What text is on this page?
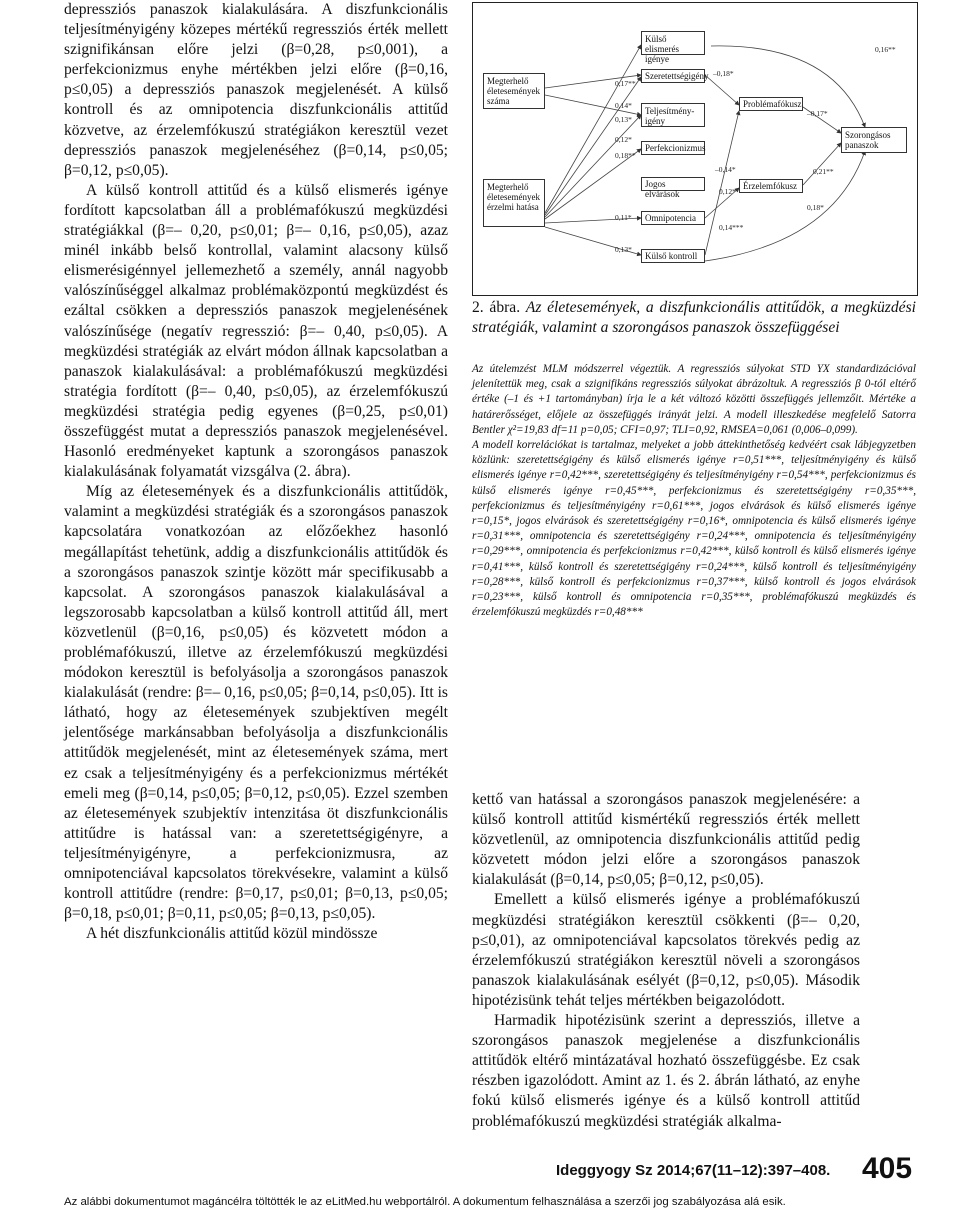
depressziós panaszok kialakulására. A diszfunkcionális teljesítményigény közepes mértékű regressziós érték mellett szignifikánsan előre jelzi (β=0,28, p≤0,001), a perfekcionizmus enyhe mértékben jelzi előre (β=0,16, p≤0,05) a depressziós panaszok megjelenését. A külső kontroll és az omnipotencia diszfunkcionális attitűd közvetve, az érzelemfókuszú stratégiákon keresztül vezet depressziós panaszok megjelenéséhez (β=0,14, p≤0,05; β=0,12, p≤0,05).

A külső kontroll attitűd és a külső elismerés igénye fordított kapcsolatban áll a problémafókuszú megküzdési stratégiákkal (β=– 0,20, p≤0,01; β=– 0,16, p≤0,05), azaz minél inkább belső kontrollal, valamint alacsony külső elismerésigénnyel jellemezhető a személy, annál nagyobb valószínűséggel alkalmaz problémaközpontú megküzdést és ezáltal csökken a depressziós panaszok megjelenésének valószínűsége (negatív regresszió: β=– 0,40, p≤0,05). A megküzdési stratégiák az elvárt módon állnak kapcsolatban a panaszok kialakulásával: a problémafókuszú megküzdési stratégia fordított (β=– 0,40, p≤0,05), az érzelemfókuszú megküzdési stratégia pedig egyenes (β=0,25, p≤0,01) összefüggést mutat a depressziós panaszok megjelenésével. Hasonló eredményeket kaptunk a szorongásos panaszok kialakulásának folyamatát vizsgálva (2. ábra).

Míg az életesemények és a diszfunkcionális attitűdök, valamint a megküzdési stratégiák és a szorongásos panaszok kapcsolatára vonatkozóan az előzőekhez hasonló megállapítást tehetünk, addig a diszfunkcionális attitűdök és a szorongásos panaszok szintje között már specifikusabb a kapcsolat. A szorongásos panaszok kialakulásával a legszorosabb kapcsolatban a külső kontroll attitűd áll, mert közvetlenül (β=0,16, p≤0,05) és közvetett módon a problémafókuszú, illetve az érzelemfókuszú megküzdési módokon keresztül is befolyásolja a szorongásos panaszok kialakulását (rendre: β=– 0,16, p≤0,05; β=0,14, p≤0,05). Itt is látható, hogy az életesemények szubjektíven megélt jelentősége markánsabban befolyásolja a diszfunkcionális attitűdök megjelenését, mint az életesemények száma, mert ez csak a teljesítményigény és a perfekcionizmus mértékét emeli meg (β=0,14, p≤0,05; β=0,12, p≤0,05). Ezzel szemben az életesemények szubjektív intenzitása öt diszfunkcionális attitűdre is hatással van: a szeretettségigényre, a teljesítményigényre, a perfekcionizmusra, az omnipotenciával kapcsolatos törekvésekre, valamint a külső kontroll attitűdre (rendre: β=0,17, p≤0,01; β=0,13, p≤0,05; β=0,18, p≤0,01; β=0,11, p≤0,05; β=0,13, p≤0,05).

A hét diszfunkcionális attitűd közül mindössze

Megterhelő életesemények száma
Megterhelő életesemények érzelmi hatása
Külső elismerés igénye
Szeretettségigény
Teljesítmény-igény
Perfekcionizmus
Jogos elvárások
Omnipotencia
Külső kontroll
Problémafókusz
Érzelemfókusz
Szorongásos panaszok
0,17**
0,14*
0,13*
0,12*
0,18**
0,11*
0,13*
–0,18*
–0,14*
0,12*
0,14***
–0,17*
0,21**
0,18*
0,16**
2. ábra. Az életesemények, a diszfunkcionális attitűdök, a megküzdési stratégiák, valamint a szorongásos panaszok összefüggései

Az útelemzést MLM módszerrel végeztük. A regressziós súlyokat STD YX standardizációval jelenítettük meg, csak a szignifikáns regressziós súlyokat ábrázoltuk. A regressziós β 0-tól eltérő értéke (–1 és +1 tartományban) írja le a két változó közötti összefüggés jellemzőit. Mértéke a határerősséget, előjele az összefüggés irányát jelzi. A modell illeszkedése megfelelő Satorra Bentler χ²=19,83 df=11 p=0,05; CFI=0,97; TLI=0,92, RMSEA=0,061 (0,006–0,099).

A modell korrelációkat is tartalmaz, melyeket a jobb áttekinthetőség kedvéért csak lábjegyzetben közlünk: szeretettségigény és külső elismerés igénye r=0,51***, teljesítményigény és külső elismerés igénye r=0,42***, szeretettségigény és teljesítményigény r=0,54***, perfekcionizmus és külső elismerés igénye r=0,45***, perfekcionizmus és szeretettségigény r=0,35***, perfekcionizmus és teljesítményigény r=0,61***, jogos elvárások és külső elismerés igénye r=0,15*, jogos elvárások és szeretettségigény r=0,16*, omnipotencia és külső elismerés igénye r=0,31***, omnipotencia és szeretettségigény r=0,24***, omnipotencia és teljesítményigény r=0,29***, omnipotencia és perfekcionizmus r=0,42***, külső kontroll és külső elismerés igénye r=0,41***, külső kontroll és szeretettségigény r=0,24***, külső kontroll és teljesítményigény r=0,28***, külső kontroll és perfekcionizmus r=0,37***, külső kontroll és jogos elvárások r=0,23***, külső kontroll és omnipotencia r=0,35***, problémafókuszú megküzdés és érzelemfókuszú megküzdés r=0,48***

kettő van hatással a szorongásos panaszok megjelenésére: a külső kontroll attitűd kismértékű regressziós érték mellett közvetlenül, az omnipotencia diszfunkcionális attitűd pedig közvetett módon jelzi előre a szorongásos panaszok kialakulását (β=0,14, p≤0,05; β=0,12, p≤0,05).

Emellett a külső elismerés igénye a problémafókuszú megküzdési stratégiákon keresztül csökkenti (β=– 0,20, p≤0,01), az omnipotenciával kapcsolatos törekvés pedig az érzelemfókuszú stratégiákon keresztül növeli a szorongásos panaszok kialakulásának esélyét (β=0,12, p≤0,05). Második hipotézisünk tehát teljes mértékben beigazolódott.

Harmadik hipotézisünk szerint a depressziós, illetve a szorongásos panaszok megjelenése a diszfunkcionális attitűdök eltérő mintázatával hozható összefüggésbe. Ez csak részben igazolódott. Amint az 1. és 2. ábrán látható, az enyhe fokú külső elismerés igénye és a külső kontroll attitűd problémafókuszú megküzdési stratégiák alkalma-

Ideggyogy Sz 2014;67(11–12):397–408. 405
Az alábbi dokumentumot magáncélra töltötték le az eLitMed.hu webportálról. A dokumentum felhasználása a szerzői jog szabályozása alá esik.
